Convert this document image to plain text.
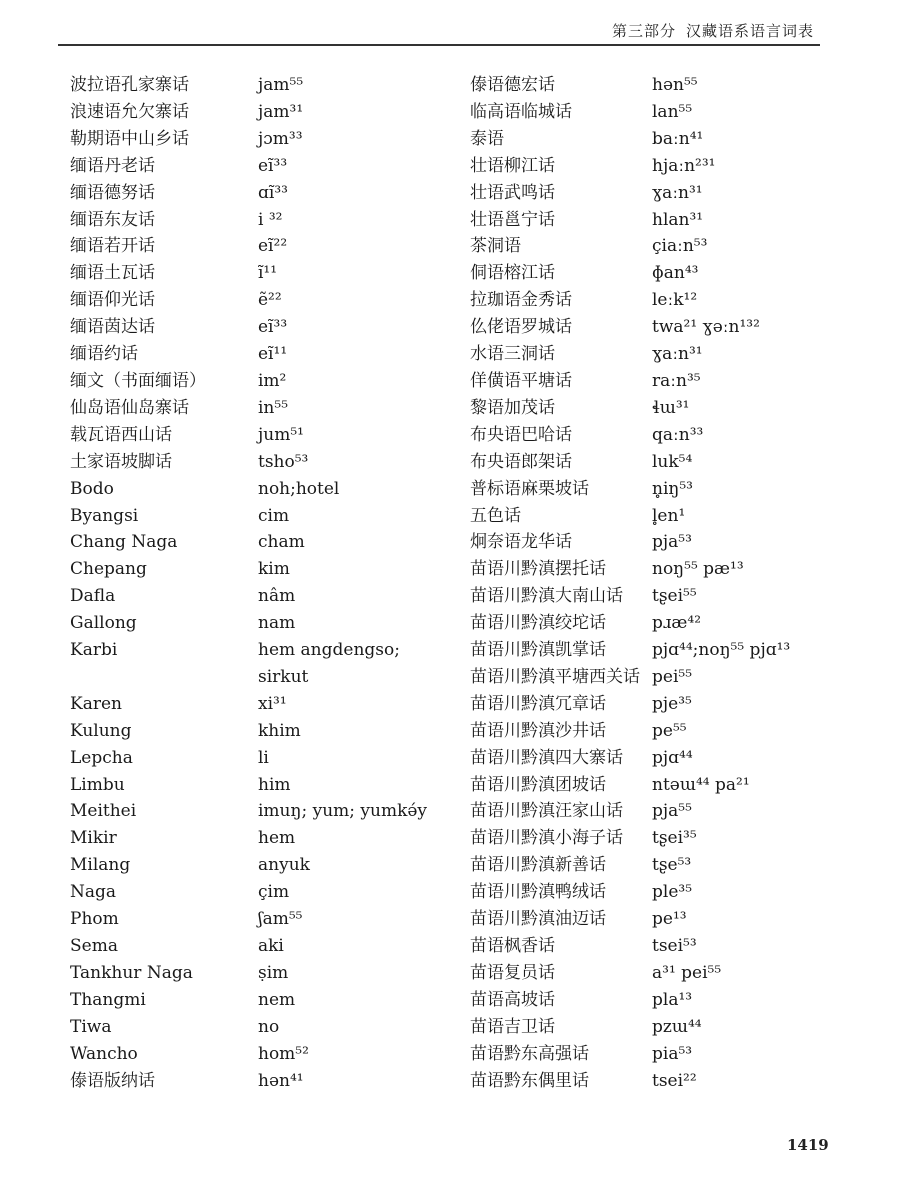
第三部分 汉藏语系语言词表
波拉语孔家寨话	jam⁵⁵
浪速语允欠寨话	jam³¹
勒期语中山乡话	jɔm³³
缅语丹老话	eĩ³³
缅语德努话	ɑĩ³³
缅语东友话	i ³²
缅语若开话	eĩ²²
缅语土瓦话	ĩ¹¹
缅语仰光话	ẽ²²
缅语茵达话	eĩ³³
缅语约话	eĩ¹¹
缅文（书面缅语）	im²
仙岛语仙岛寨话	in⁵⁵
载瓦语西山话	jum⁵¹
土家语坡脚话	tsho⁵³
Bodo	noh;hotel
Byangsi	cim
Chang Naga	cham
Chepang	kim
Dafla	nâm
Gallong	nam
Karbi	hem angdengso;
sirkut
Karen	xi³¹
Kulung	khim
Lepcha	li
Limbu	him
Meithei	imuŋ; yum; yumkə́y
Mikir	hem
Milang	anyuk
Naga	çim
Phom	ʃam⁵⁵
Sema	aki
Tankhur Naga	ṣim
Thangmi	nem
Tiwa	no
Wancho	hom⁵²
傣语版纳话	hən⁴¹
傣语德宏话	hən⁵⁵
临高语临城话	lan⁵⁵
泰语	baːn⁴¹
壮语柳江话	hjaːn²³¹
壮语武鸣话	ɣaːn³¹
壮语邕宁话	hlan³¹
茶洞语	çiaːn⁵³
侗语榕江话	ɸan⁴³
拉珈语金秀话	leːk¹²
仫佬语罗城话	twa²¹ ɣəːn¹³²
水语三洞话	ɣaːn³¹
佯僙语平塘话	raːn³⁵
黎语加茂话	ɬɯ³¹
布央语巴哈话	qaːn³³
布央语郎架话	luk⁵⁴
普标语麻栗坡话	n̥iŋ⁵³
五色话	l̥en¹
炯奈语龙华话	pja⁵³
苗语川黔滇摆托话	noŋ⁵⁵ pæ¹³
苗语川黔滇大南山话	tʂei⁵⁵
苗语川黔滇绞坨话	pɹæ⁴²
苗语川黔滇凯掌话	pjɑ⁴⁴;noŋ⁵⁵ pjɑ¹³
苗语川黔滇平塘西关话 pei⁵⁵
苗语川黔滇冗章话	pje³⁵
苗语川黔滇沙井话	pe⁵⁵
苗语川黔滇四大寨话	pjɑ⁴⁴
苗语川黔滇团坡话	ntəɯ⁴⁴ pa²¹
苗语川黔滇汪家山话	pja⁵⁵
苗语川黔滇小海子话	tʂei³⁵
苗语川黔滇新善话	tʂe⁵³
苗语川黔滇鸭绒话	ple³⁵
苗语川黔滇油迈话	pe¹³
苗语枫香话	tsei⁵³
苗语复员话	a³¹ pei⁵⁵
苗语高坡话	pla¹³
苗语吉卫话	pzɯ⁴⁴
苗语黔东高强话	pia⁵³
苗语黔东偶里话	tsei²²
1419
